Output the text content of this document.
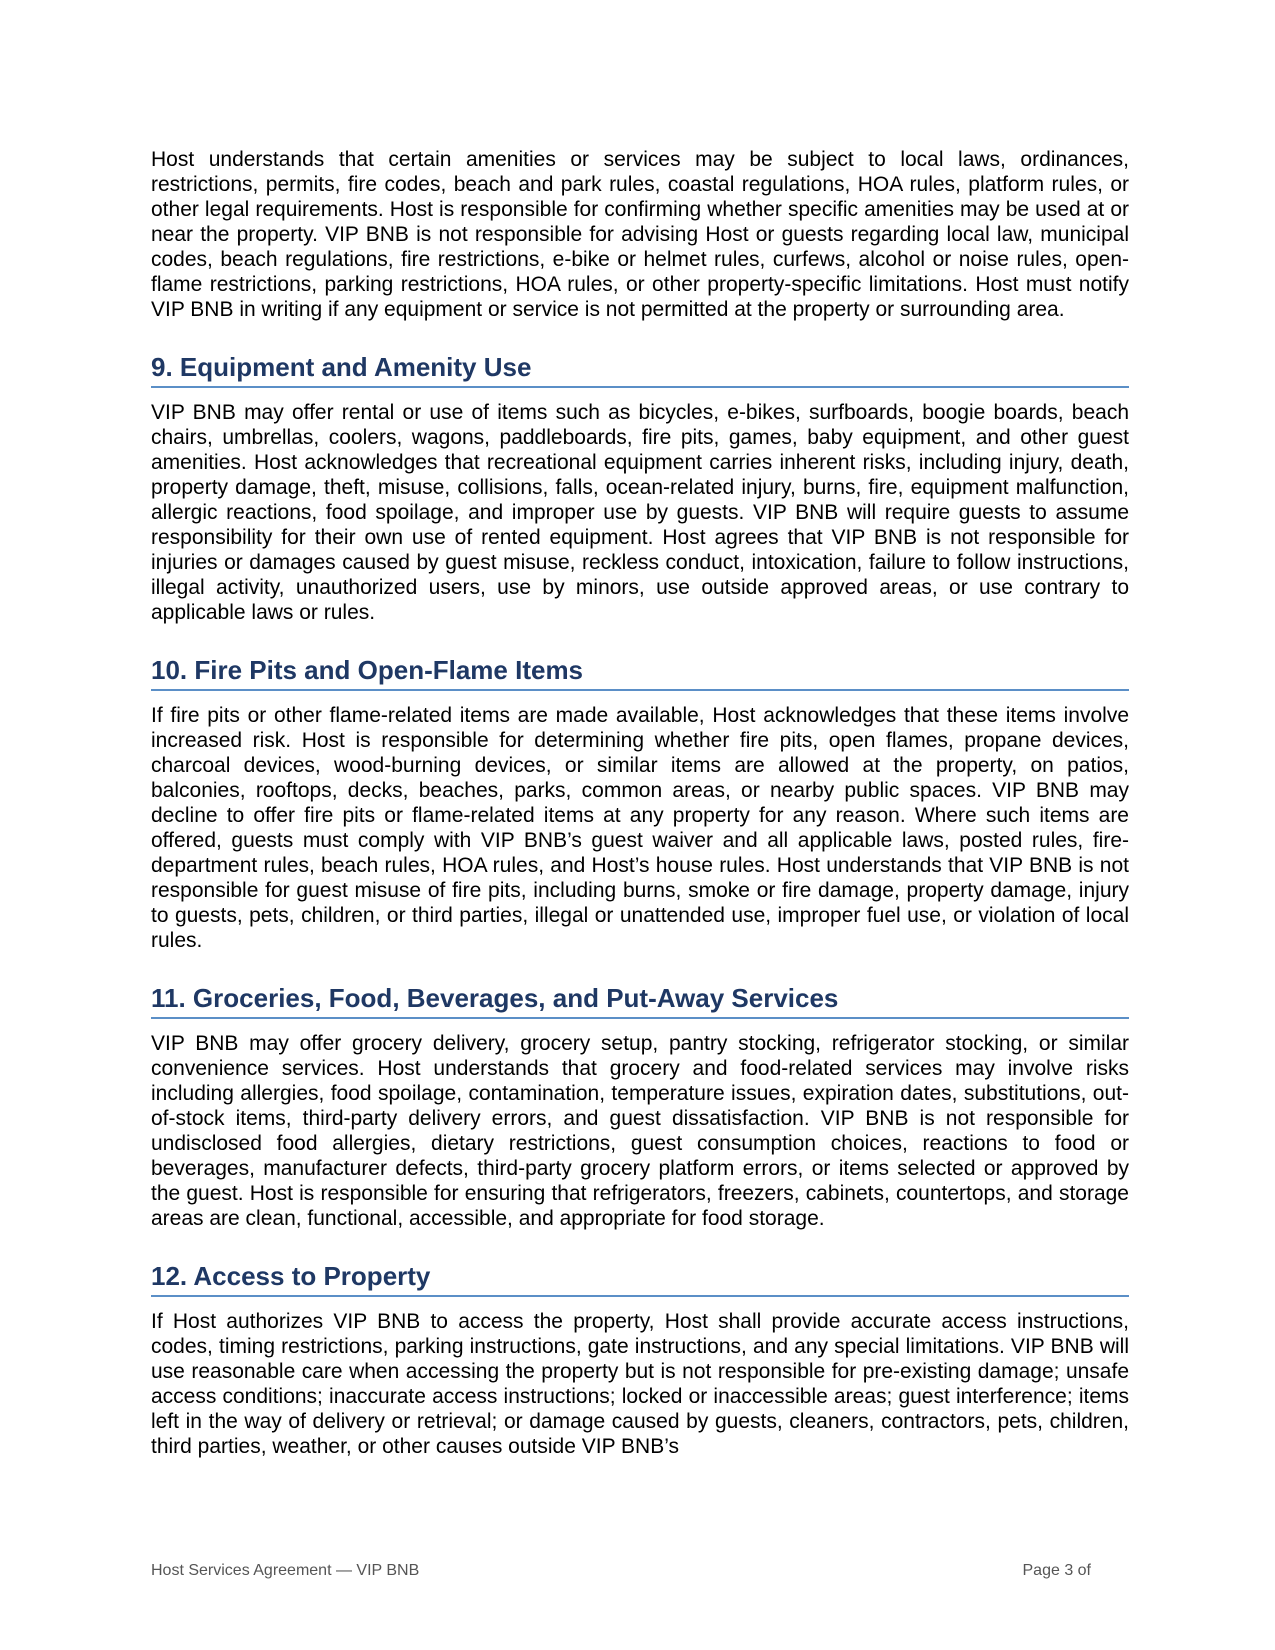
Host understands that certain amenities or services may be subject to local laws, ordinances, restrictions, permits, fire codes, beach and park rules, coastal regulations, HOA rules, platform rules, or other legal requirements. Host is responsible for confirming whether specific amenities may be used at or near the property. VIP BNB is not responsible for advising Host or guests regarding local law, municipal codes, beach regulations, fire restrictions, e-bike or helmet rules, curfews, alcohol or noise rules, open-flame restrictions, parking restrictions, HOA rules, or other property-specific limitations. Host must notify VIP BNB in writing if any equipment or service is not permitted at the property or surrounding area.

9. Equipment and Amenity Use

VIP BNB may offer rental or use of items such as bicycles, e-bikes, surfboards, boogie boards, beach chairs, umbrellas, coolers, wagons, paddleboards, fire pits, games, baby equipment, and other guest amenities. Host acknowledges that recreational equipment carries inherent risks, including injury, death, property damage, theft, misuse, collisions, falls, ocean-related injury, burns, fire, equipment malfunction, allergic reactions, food spoilage, and improper use by guests. VIP BNB will require guests to assume responsibility for their own use of rented equipment. Host agrees that VIP BNB is not responsible for injuries or damages caused by guest misuse, reckless conduct, intoxication, failure to follow instructions, illegal activity, unauthorized users, use by minors, use outside approved areas, or use contrary to applicable laws or rules.

10. Fire Pits and Open-Flame Items

If fire pits or other flame-related items are made available, Host acknowledges that these items involve increased risk. Host is responsible for determining whether fire pits, open flames, propane devices, charcoal devices, wood-burning devices, or similar items are allowed at the property, on patios, balconies, rooftops, decks, beaches, parks, common areas, or nearby public spaces. VIP BNB may decline to offer fire pits or flame-related items at any property for any reason. Where such items are offered, guests must comply with VIP BNB’s guest waiver and all applicable laws, posted rules, fire-department rules, beach rules, HOA rules, and Host’s house rules. Host understands that VIP BNB is not responsible for guest misuse of fire pits, including burns, smoke or fire damage, property damage, injury to guests, pets, children, or third parties, illegal or unattended use, improper fuel use, or violation of local rules.

11. Groceries, Food, Beverages, and Put-Away Services

VIP BNB may offer grocery delivery, grocery setup, pantry stocking, refrigerator stocking, or similar convenience services. Host understands that grocery and food-related services may involve risks including allergies, food spoilage, contamination, temperature issues, expiration dates, substitutions, out-of-stock items, third-party delivery errors, and guest dissatisfaction. VIP BNB is not responsible for undisclosed food allergies, dietary restrictions, guest consumption choices, reactions to food or beverages, manufacturer defects, third-party grocery platform errors, or items selected or approved by the guest. Host is responsible for ensuring that refrigerators, freezers, cabinets, countertops, and storage areas are clean, functional, accessible, and appropriate for food storage.

12. Access to Property

If Host authorizes VIP BNB to access the property, Host shall provide accurate access instructions, codes, timing restrictions, parking instructions, gate instructions, and any special limitations. VIP BNB will use reasonable care when accessing the property but is not responsible for pre-existing damage; unsafe access conditions; inaccurate access instructions; locked or inaccessible areas; guest interference; items left in the way of delivery or retrieval; or damage caused by guests, cleaners, contractors, pets, children, third parties, weather, or other causes outside VIP BNB’s

Host Services Agreement — VIP BNB	Page 3 of
